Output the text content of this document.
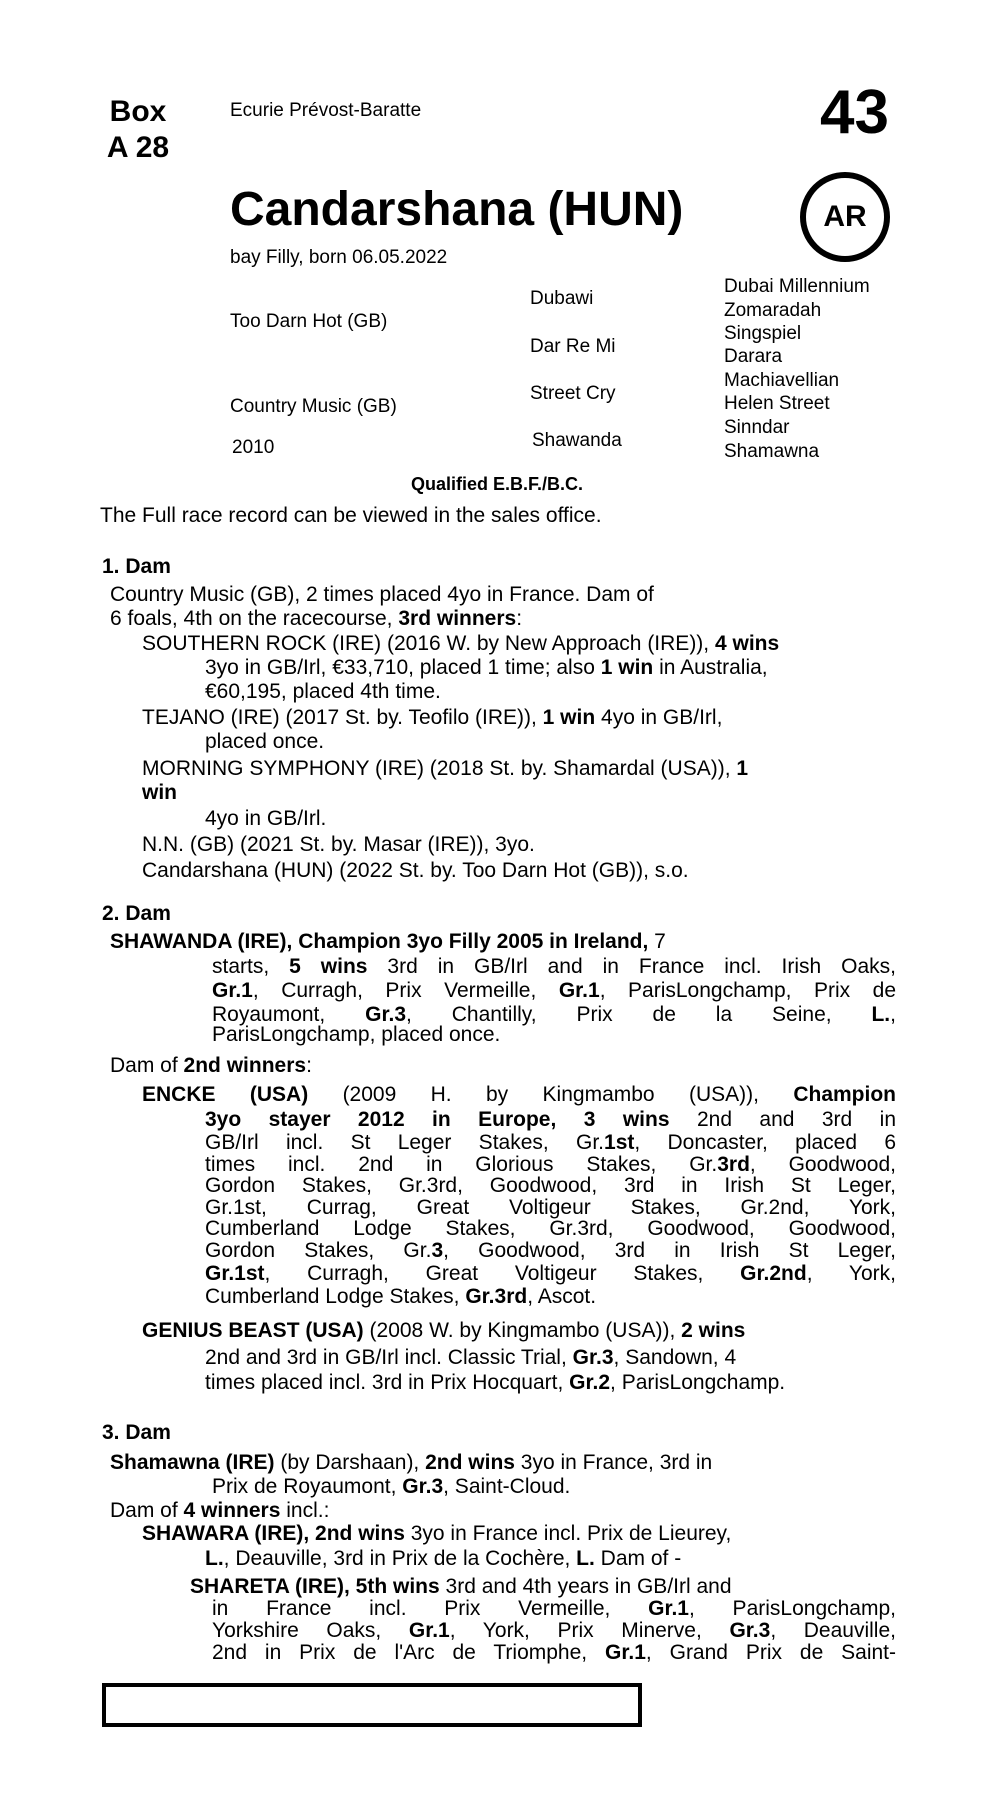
Box
A 28
Ecurie Prévost-Baratte	43
Candarshana (HUN)	AR
bay Filly, born 06.05.2022
Too Darn Hot (GB)
Country Music (GB)
2010
Dubawi
Dar Re Mi
Street Cry
Shawanda
Dubai Millennium
Zomaradah
Singspiel
Darara
Machiavellian
Helen Street
Sinndar
Shamawna
Qualified E.B.F./B.C.
The Full race record can be viewed in the sales office.
1. Dam

Country Music (GB), 2 times placed 4yo in France. Dam of

6 foals, 4th on the racecourse, 3rd winners:

SOUTHERN ROCK (IRE) (2016 W. by New Approach (IRE)), 4 wins

3yo in GB/Irl, €33,710, placed 1 time; also 1 win in Australia,

€60,195, placed 4th time.

TEJANO (IRE) (2017 St. by. Teofilo (IRE)), 1 win 4yo in GB/Irl,

placed once.

MORNING SYMPHONY (IRE) (2018 St. by. Shamardal (USA)), 1

win

4yo in GB/Irl.

N.N. (GB) (2021 St. by. Masar (IRE)), 3yo.

Candarshana (HUN) (2022 St. by. Too Darn Hot (GB)), s.o.

2. Dam

SHAWANDA (IRE), Champion 3yo Filly 2005 in Ireland, 7

starts, 5 wins 3rd in GB/Irl and in France incl. Irish Oaks,

Gr.1, Curragh, Prix Vermeille, Gr.1, ParisLongchamp, Prix de

Royaumont, Gr.3, Chantilly, Prix de la Seine, L.,

ParisLongchamp, placed once.

Dam of 2nd winners:

ENCKE (USA) (2009 H. by Kingmambo (USA)), Champion

3yo stayer 2012 in Europe, 3 wins 2nd and 3rd in

GB/Irl incl. St Leger Stakes, Gr.1st, Doncaster, placed 6

times incl. 2nd in Glorious Stakes, Gr.3rd, Goodwood,

Gordon Stakes, Gr.3rd, Goodwood, 3rd in Irish St Leger,

Gr.1st, Currag, Great Voltigeur Stakes, Gr.2nd, York,

Cumberland Lodge Stakes, Gr.3rd, Goodwood, Goodwood,

Gordon Stakes, Gr.3, Goodwood, 3rd in Irish St Leger,

Gr.1st, Curragh, Great Voltigeur Stakes, Gr.2nd, York,

Cumberland Lodge Stakes, Gr.3rd, Ascot.

GENIUS BEAST (USA) (2008 W. by Kingmambo (USA)), 2 wins

2nd and 3rd in GB/Irl incl. Classic Trial, Gr.3, Sandown, 4

times placed incl. 3rd in Prix Hocquart, Gr.2, ParisLongchamp.

3. Dam

Shamawna (IRE) (by Darshaan), 2nd wins 3yo in France, 3rd in

Prix de Royaumont, Gr.3, Saint-Cloud.

Dam of 4 winners incl.:

SHAWARA (IRE), 2nd wins 3yo in France incl. Prix de Lieurey,

L., Deauville, 3rd in Prix de la Cochère, L. Dam of -

SHARETA (IRE), 5th wins 3rd and 4th years in GB/Irl and

in France incl. Prix Vermeille, Gr.1, ParisLongchamp,

Yorkshire Oaks, Gr.1, York, Prix Minerve, Gr.3, Deauville,

2nd in Prix de l'Arc de Triomphe, Gr.1, Grand Prix de Saint-
